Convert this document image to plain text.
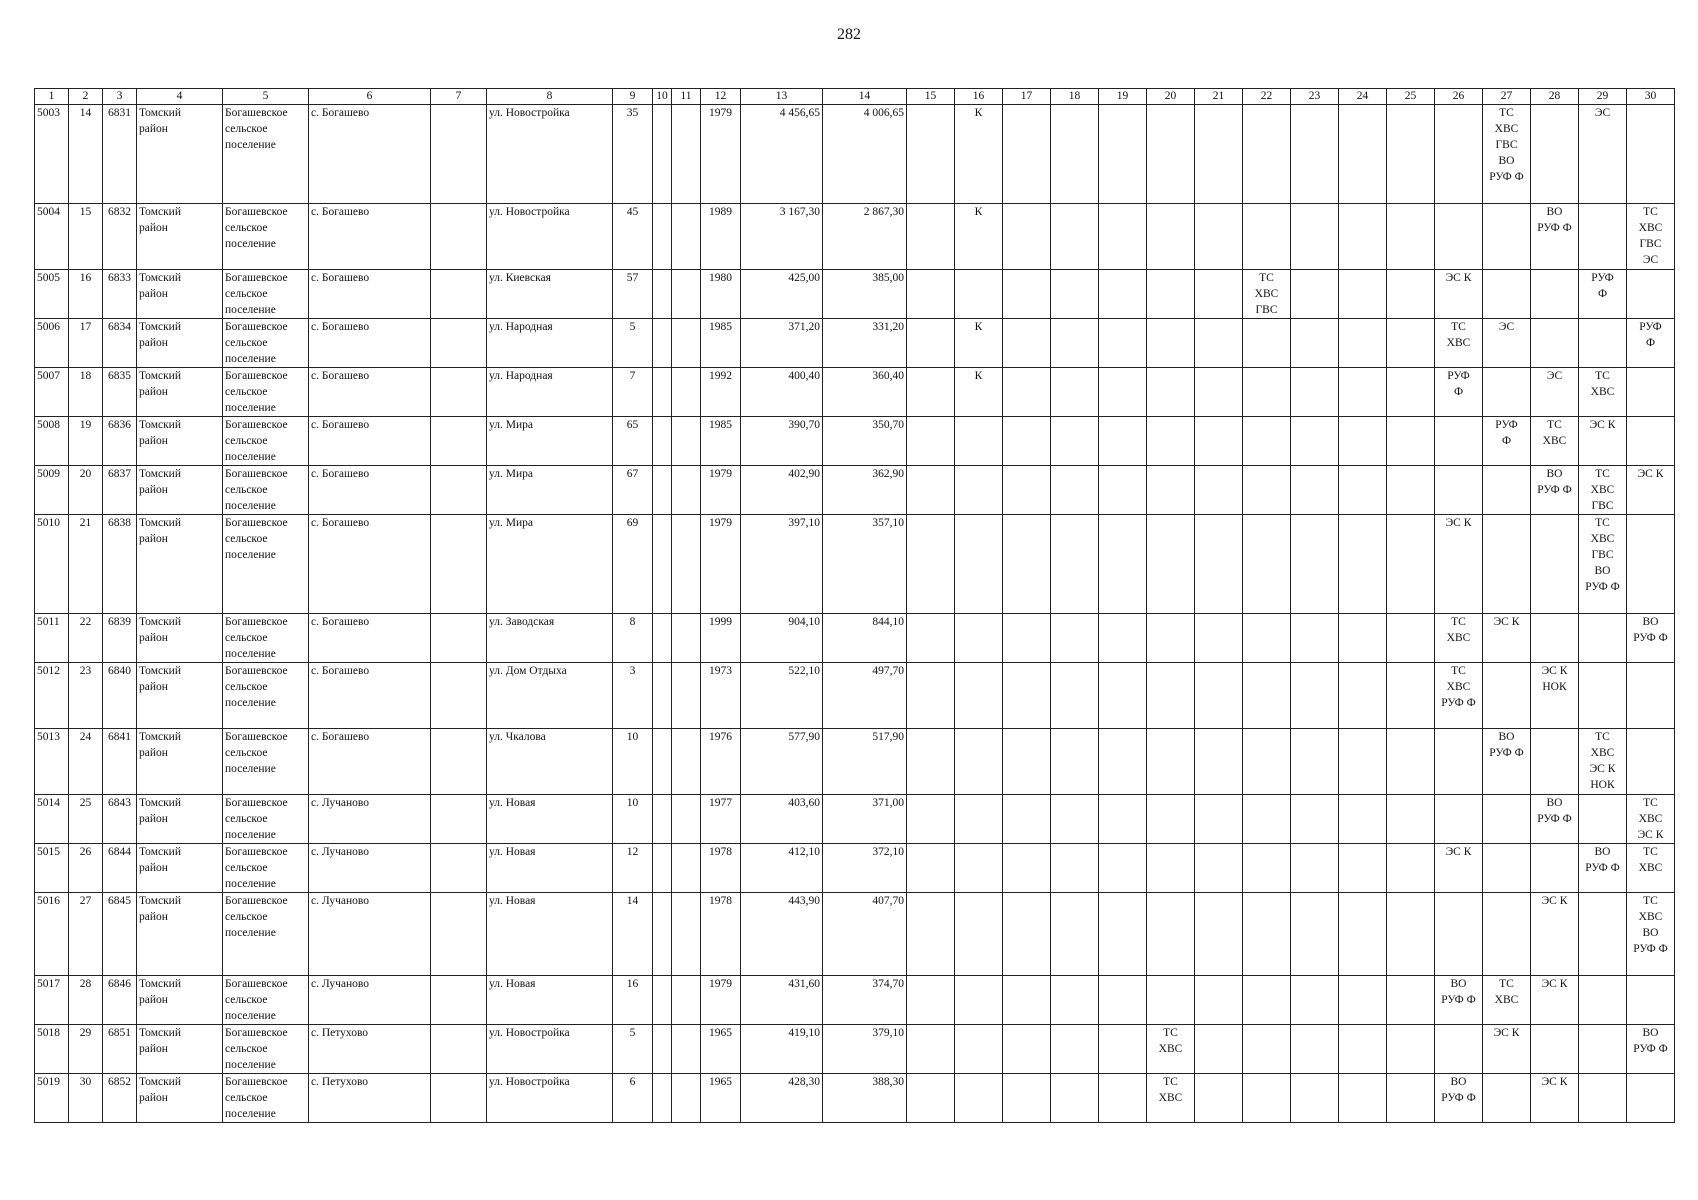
282
1	2	3	4	5	6	7	8	9	10	11	12	13	14	15	16	17	18	19	20	21	22	23	24	25	26	27	28	29	30
5003	14	6831	Томский
район	Богашевское
сельское
поселение	с. Богашево		ул. Новостройка	35			1979	4 456,65	4 006,65		К											ТС
ХВС
ГВС
ВО
РУФ Ф		ЭС	
5004	15	6832	Томский
район	Богашевское
сельское
поселение	с. Богашево		ул. Новостройка	45			1989	3 167,30	2 867,30		К												ВО
РУФ Ф		ТС
ХВС
ГВС
ЭС
5005	16	6833	Томский
район	Богашевское
сельское
поселение	с. Богашево		ул. Киевская	57			1980	425,00	385,00								ТС
ХВС
ГВС				ЭС К			РУФ
Ф	
5006	17	6834	Томский
район	Богашевское
сельское
поселение	с. Богашево		ул. Народная	5			1985	371,20	331,20		К										ТС
ХВС	ЭС			РУФ
Ф
5007	18	6835	Томский
район	Богашевское
сельское
поселение	с. Богашево		ул. Народная	7			1992	400,40	360,40		К										РУФ
Ф		ЭС	ТС
ХВС	
5008	19	6836	Томский
район	Богашевское
сельское
поселение	с. Богашево		ул. Мира	65			1985	390,70	350,70													РУФ
Ф	ТС
ХВС	ЭС К	
5009	20	6837	Томский
район	Богашевское
сельское
поселение	с. Богашево		ул. Мира	67			1979	402,90	362,90														ВО
РУФ Ф	ТС
ХВС
ГВС	ЭС К
5010	21	6838	Томский
район	Богашевское
сельское
поселение	с. Богашево		ул. Мира	69			1979	397,10	357,10												ЭС К			ТС
ХВС
ГВС
ВО
РУФ Ф	
5011	22	6839	Томский
район	Богашевское
сельское
поселение	с. Богашево		ул. Заводская	8			1999	904,10	844,10												ТС
ХВС	ЭС К			ВО
РУФ Ф
5012	23	6840	Томский
район	Богашевское
сельское
поселение	с. Богашево		ул. Дом Отдыха	3			1973	522,10	497,70												ТС
ХВС
РУФ Ф		ЭС К
НОК		
5013	24	6841	Томский
район	Богашевское
сельское
поселение	с. Богашево		ул. Чкалова	10			1976	577,90	517,90													ВО
РУФ Ф		ТС
ХВС
ЭС К
НОК	
5014	25	6843	Томский
район	Богашевское
сельское
поселение	с. Лучаново		ул. Новая	10			1977	403,60	371,00														ВО
РУФ Ф		ТС
ХВС
ЭС К
5015	26	6844	Томский
район	Богашевское
сельское
поселение	с. Лучаново		ул. Новая	12			1978	412,10	372,10												ЭС К			ВО
РУФ Ф	ТС
ХВС
5016	27	6845	Томский
район	Богашевское
сельское
поселение	с. Лучаново		ул. Новая	14			1978	443,90	407,70														ЭС К		ТС
ХВС
ВО
РУФ Ф
5017	28	6846	Томский
район	Богашевское
сельское
поселение	с. Лучаново		ул. Новая	16			1979	431,60	374,70												ВО
РУФ Ф	ТС
ХВС	ЭС К		
5018	29	6851	Томский
район	Богашевское
сельское
поселение	с. Петухово		ул. Новостройка	5			1965	419,10	379,10						ТС
ХВС							ЭС К			ВО
РУФ Ф
5019	30	6852	Томский
район	Богашевское
сельское
поселение	с. Петухово		ул. Новостройка	6			1965	428,30	388,30						ТС
ХВС						ВО
РУФ Ф		ЭС К		
